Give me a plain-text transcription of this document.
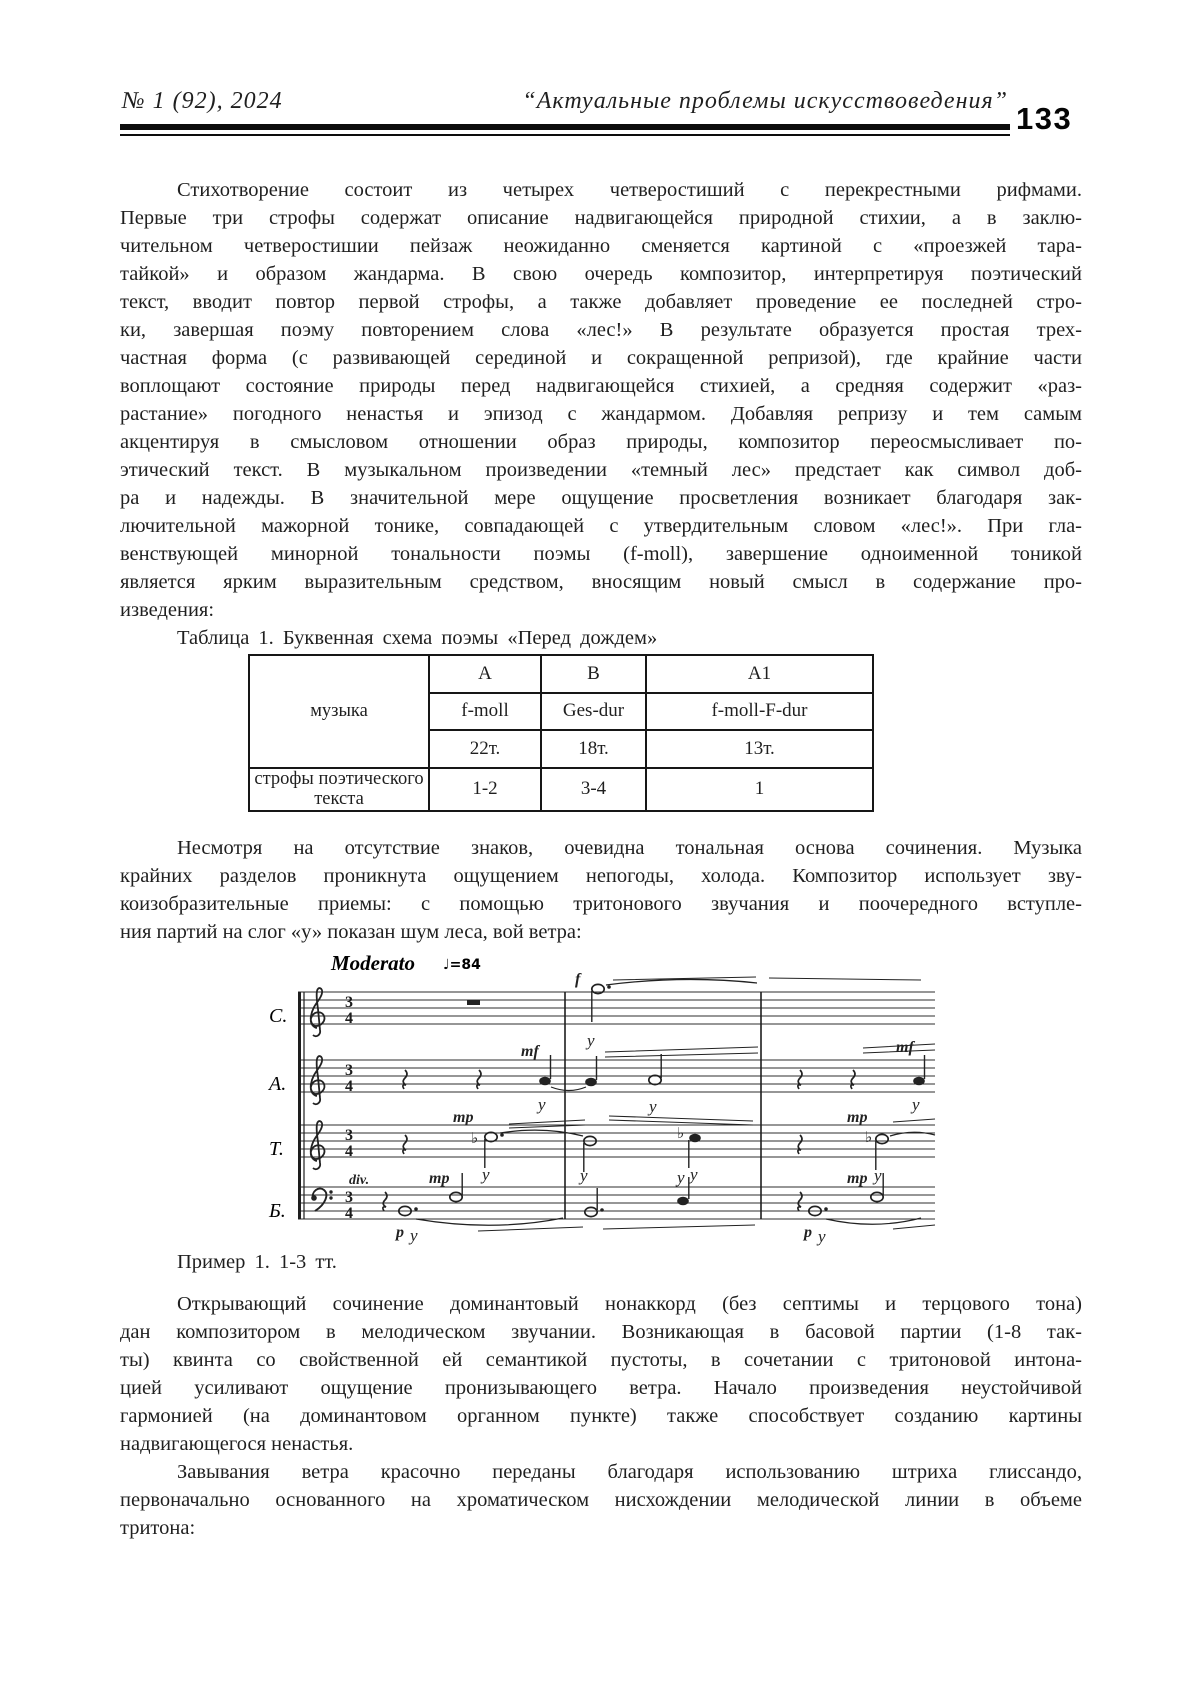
№ 1 (92), 2024	“Актуальные проблемы искусствоведения” 133
Стихотворение состоит из четырех четверостиший с перекрестными рифмами.
Первые три строфы содержат описание надвигающейся природной стихии, а в заклю-
чительном четверостишии пейзаж неожиданно сменяется картиной с «проезжей тара-
тайкой» и образом жандарма. В свою очередь композитор, интерпретируя поэтический
текст, вводит повтор первой строфы, а также добавляет проведение ее последней стро-
ки, завершая поэму повторением слова «лес!» В результате образуется простая трех-
частная форма (с развивающей серединой и сокращенной репризой), где крайние части
воплощают состояние природы перед надвигающейся стихией, а средняя содержит «раз-
растание» погодного ненастья и эпизод с жандармом. Добавляя репризу и тем самым
акцентируя в смысловом отношении образ природы, композитор переосмысливает по-
этический текст. В музыкальном произведении «темный лес» предстает как символ доб-
ра и надежды. В значительной мере ощущение просветления возникает благодаря зак-
лючительной мажорной тонике, совпадающей с утвердительным словом «лес!». При гла-
венствующей минорной тональности поэмы (f-moll), завершение одноименной тоникой
является ярким выразительным средством, вносящим новый смысл в содержание про-
изведения:
Таблица 1. Буквенная схема поэмы «Перед дождем»
музыка	A	B	A1
	f-moll	Ges-dur	f-moll-F-dur
	22т.	18т.	13т.
строфы поэтического текста	1-2	3-4	1
Несмотря на отсутствие знаков, очевидна тональная основа сочинения. Музыка
крайних разделов проникнута ощущением непогоды, холода. Композитор использует зву-
коизобразительные приемы: с помощью тритонового звучания и поочередного вступле-
ния партий на слог «у» показан шум леса, вой ветра:
Moderato ♩=84
С.
А.
Т.
Б.
3
4
3
4
3
4
3
4
f
у
mf
у	у
mf
у
mp
♭
у	у
♭
у
mp
♭
у
div.	mp
p у
у	mp
p у
Пример 1. 1-3 тт.
Открывающий сочинение доминантовый нонаккорд (без септимы и терцового тона)
дан композитором в мелодическом звучании. Возникающая в басовой партии (1-8 так-
ты) квинта со свойственной ей семантикой пустоты, в сочетании с тритоновой интона-
цией усиливают ощущение пронизывающего ветра. Начало произведения неустойчивой
гармонией (на доминантовом органном пункте) также способствует созданию картины
надвигающегося ненастья.
Завывания ветра красочно переданы благодаря использованию штриха глиссандо,
первоначально основанного на хроматическом нисхождении мелодической линии в объеме
тритона:
